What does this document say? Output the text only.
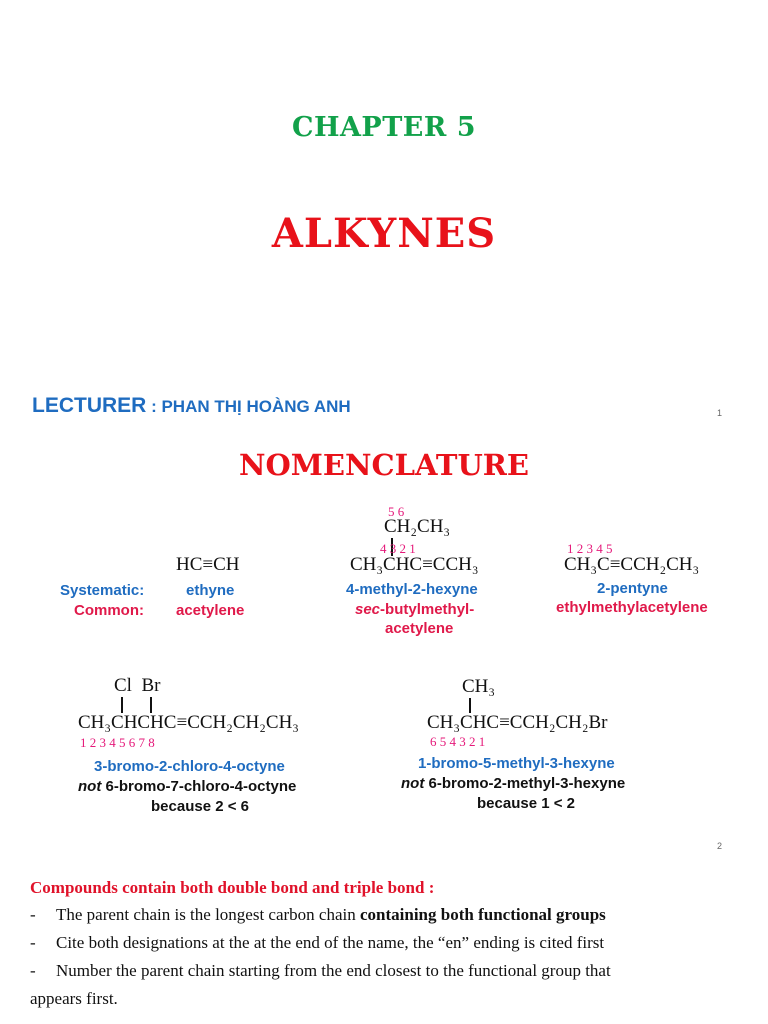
CHAPTER 5
ALKYNES
LECTURER : PHAN THỊ HOÀNG ANH	1
NOMENCLATURE
Systematic:
Common:
HC≡CH
ethyne
acetylene
5 6
CH₂CH₃
4 3 2 1
CH₃CHC≡CCH₃
4-methyl-2-hexyne
sec-butylmethyl-
acetylene
1 2 3 4 5
CH₃C≡CCH₂CH₃
2-pentyne
ethylmethylacetylene
Cl  Br
CH₃CHCHC≡CCH₂CH₂CH₃
1 2 3 4 5 6 7 8
3-bromo-2-chloro-4-octyne
not 6-bromo-7-chloro-4-octyne
because 2 < 6
CH₃
CH₃CHC≡CCH₂CH₂Br
6 5 4 3 2 1
1-bromo-5-methyl-3-hexyne
not 6-bromo-2-methyl-3-hexyne
because 1 < 2
2
Compounds contain both double bond and triple bond :
- The parent chain is the longest carbon chain containing both functional groups
- Cite both designations at the at the end of the name, the “en” ending is cited first
- Number the parent chain starting from the end closest to the functional group that
appears first.
